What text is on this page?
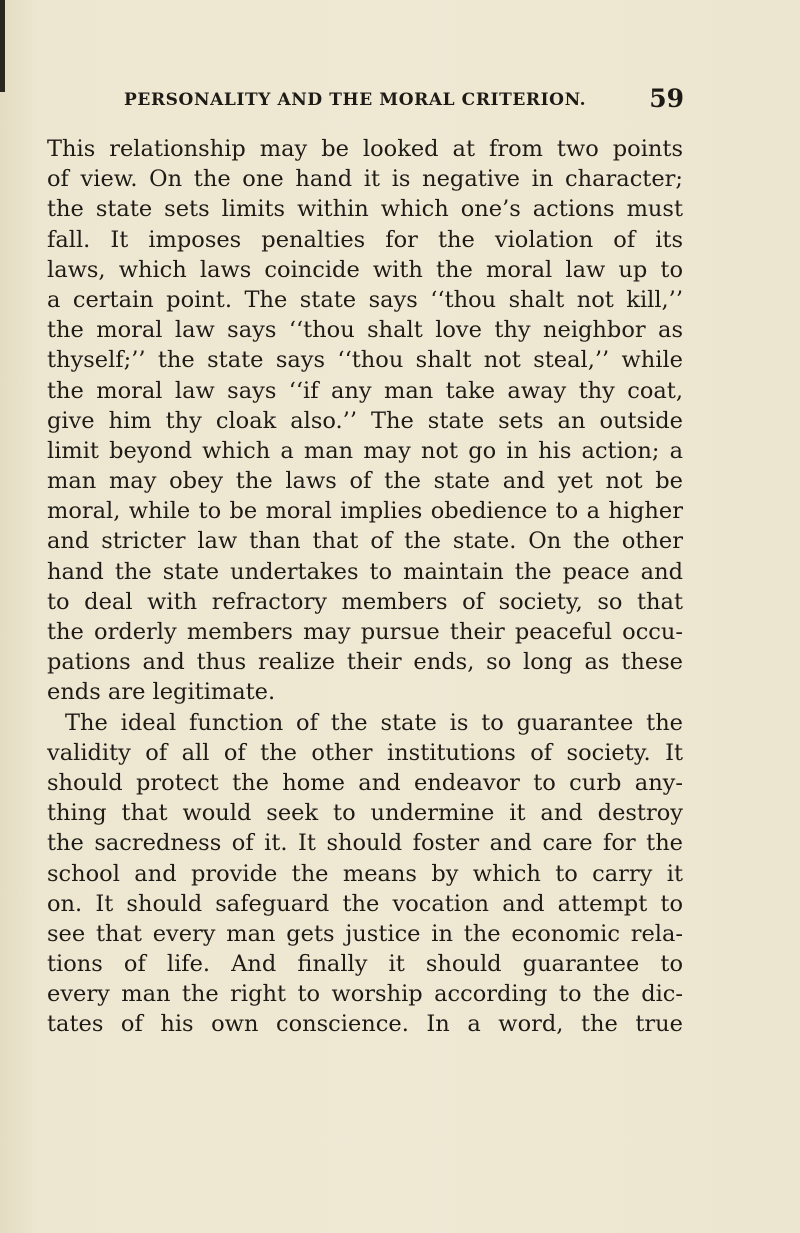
PERSONALITY AND THE MORAL CRITERION.	59
This relationship may be looked at from two points
of view. On the one hand it is negative in character;
the state sets limits within which one’s actions must
fall. It imposes penalties for the violation of its
laws, which laws coincide with the moral law up to
a certain point. The state says ‘‘thou shalt not kill,’’
the moral law says ‘‘thou shalt love thy neighbor as
thyself;’’ the state says ‘‘thou shalt not steal,’’ while
the moral law says ‘‘if any man take away thy coat,
give him thy cloak also.’’ The state sets an outside
limit beyond which a man may not go in his action; a
man may obey the laws of the state and yet not be
moral, while to be moral implies obedience to a higher
and stricter law than that of the state. On the other
hand the state undertakes to maintain the peace and
to deal with refractory members of society, so that
the orderly members may pursue their peaceful occu-
pations and thus realize their ends, so long as these
ends are legitimate.
The ideal function of the state is to guarantee the
validity of all of the other institutions of society. It
should protect the home and endeavor to curb any-
thing that would seek to undermine it and destroy
the sacredness of it. It should foster and care for the
school and provide the means by which to carry it
on. It should safeguard the vocation and attempt to
see that every man gets justice in the economic rela-
tions of life. And finally it should guarantee to
every man the right to worship according to the dic-
tates of his own conscience. In a word, the true
